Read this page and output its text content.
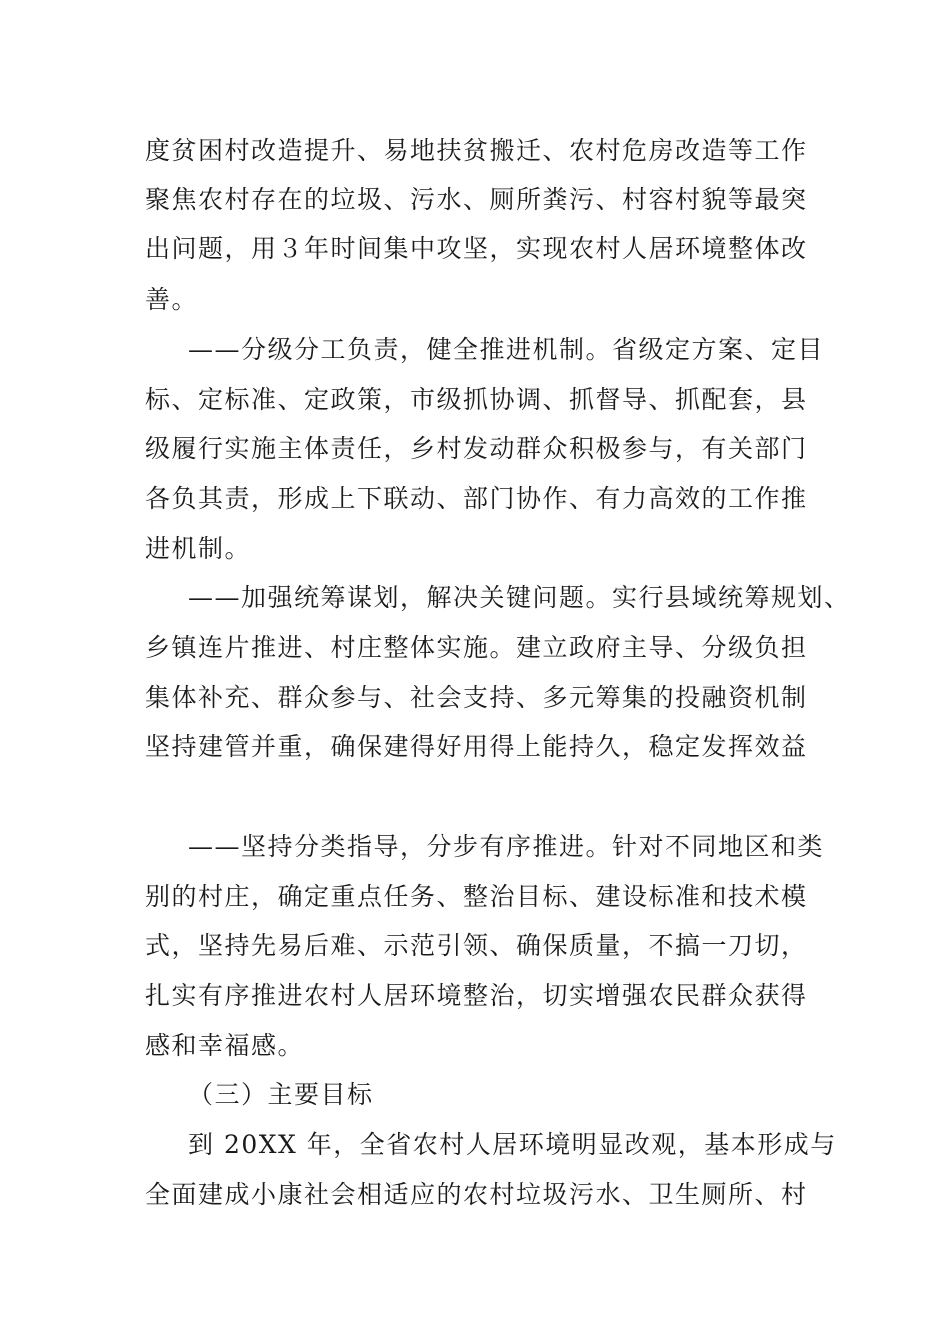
度贫困村改造提升、易地扶贫搬迁、农村危房改造等工作
聚焦农村存在的垃圾、污水、厕所粪污、村容村貌等最突
出问题，用３年时间集中攻坚，实现农村人居环境整体改
善。
——分级分工负责，健全推进机制。省级定方案、定目
标、定标准、定政策，市级抓协调、抓督导、抓配套，县
级履行实施主体责任，乡村发动群众积极参与，有关部门
各负其责，形成上下联动、部门协作、有力高效的工作推
进机制。
——加强统筹谋划，解决关键问题。实行县域统筹规划、
乡镇连片推进、村庄整体实施。建立政府主导、分级负担
集体补充、群众参与、社会支持、多元筹集的投融资机制
坚持建管并重，确保建得好用得上能持久，稳定发挥效益
——坚持分类指导，分步有序推进。针对不同地区和类
别的村庄，确定重点任务、整治目标、建设标准和技术模
式，坚持先易后难、示范引领、确保质量，不搞一刀切，
扎实有序推进农村人居环境整治，切实增强农民群众获得
感和幸福感。
（三）主要目标
到 20XX 年，全省农村人居环境明显改观，基本形成与
全面建成小康社会相适应的农村垃圾污水、卫生厕所、村
